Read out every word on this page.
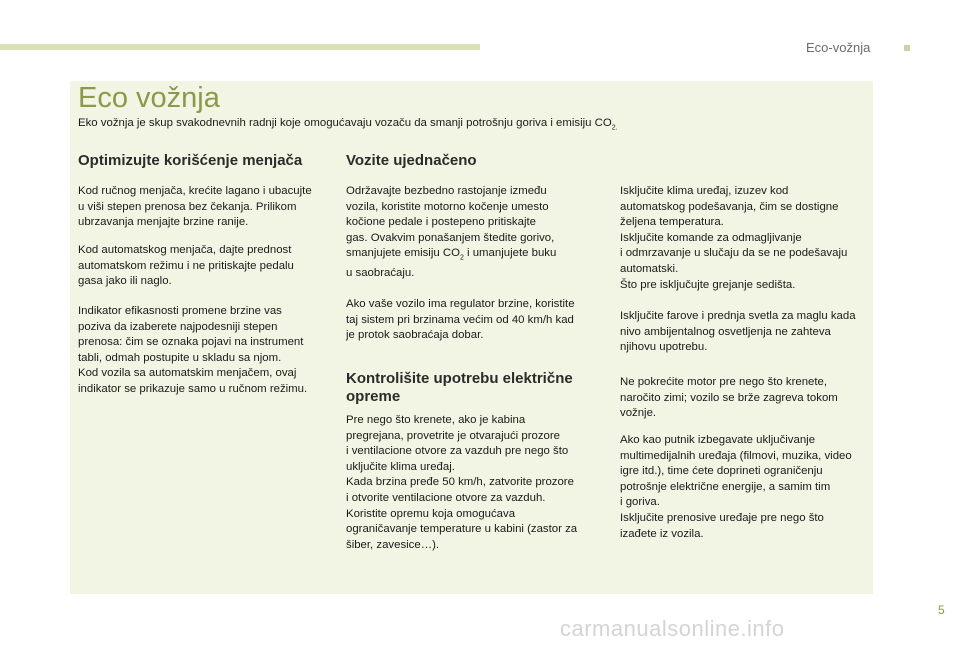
Eco-vožnja
Eco vožnja
Eko vožnja je skup svakodnevnih radnji koje omogućavaju vozaču da smanji potrošnju goriva i emisiju $CO_{2.}$

Optimizujte korišćenje menjača

Kod ručnog menjača, krećite lagano i ubacujte
u viši stepen prenosa bez čekanja. Prilikom
ubrzavanja menjajte brzine ranije.
Kod automatskog menjača, dajte prednost
automatskom režimu i ne pritiskajte pedalu
gasa jako ili naglo.
Indikator efikasnosti promene brzine vas
poziva da izaberete najpodesniji stepen
prenosa: čim se oznaka pojavi na instrument
tabli, odmah postupite u skladu sa njom.
Kod vozila sa automatskim menjačem, ovaj
indikator se prikazuje samo u ručnom režimu.

Vozite ujednačeno

Održavajte bezbedno rastojanje između
vozila, koristite motorno kočenje umesto
kočione pedale i postepeno pritiskajte
gas. Ovakvim ponašanjem štedite gorivo,
smanjujete emisiju $CO_2$ i umanjujete buku
u saobraćaju.
Ako vaše vozilo ima regulator brzine, koristite
taj sistem pri brzinama većim od 40 km/h kad
je protok saobraćaja dobar.

Kontrolišite upotrebu električne opreme

Pre nego što krenete, ako je kabina
pregrejana, provetrite je otvarajući prozore
i ventilacione otvore za vazduh pre nego što
uključite klima uređaj.
Kada brzina pređe 50 km/h, zatvorite prozore
i otvorite ventilacione otvore za vazduh.
Koristite opremu koja omogućava
ograničavanje temperature u kabini (zastor za
šiber, zavesice…).
Isključite klima uređaj, izuzev kod
automatskog podešavanja, čim se dostigne
željena temperatura.
Isključite komande za odmagljivanje
i odmrzavanje u slučaju da se ne podešavaju
automatski.
Što pre isključujte grejanje sedišta.
Isključite farove i prednja svetla za maglu kada
nivo ambijentalnog osvetljenja ne zahteva
njihovu upotrebu.
Ne pokrećite motor pre nego što krenete,
naročito zimi; vozilo se brže zagreva tokom
vožnje.
Ako kao putnik izbegavate uključivanje
multimedijalnih uređaja (filmovi, muzika, video
igre itd.), time ćete doprineti ograničenju
potrošnje električne energije, a samim tim
i goriva.
Isključite prenosive uređaje pre nego što
izađete iz vozila.
5
carmanualsonline.info
